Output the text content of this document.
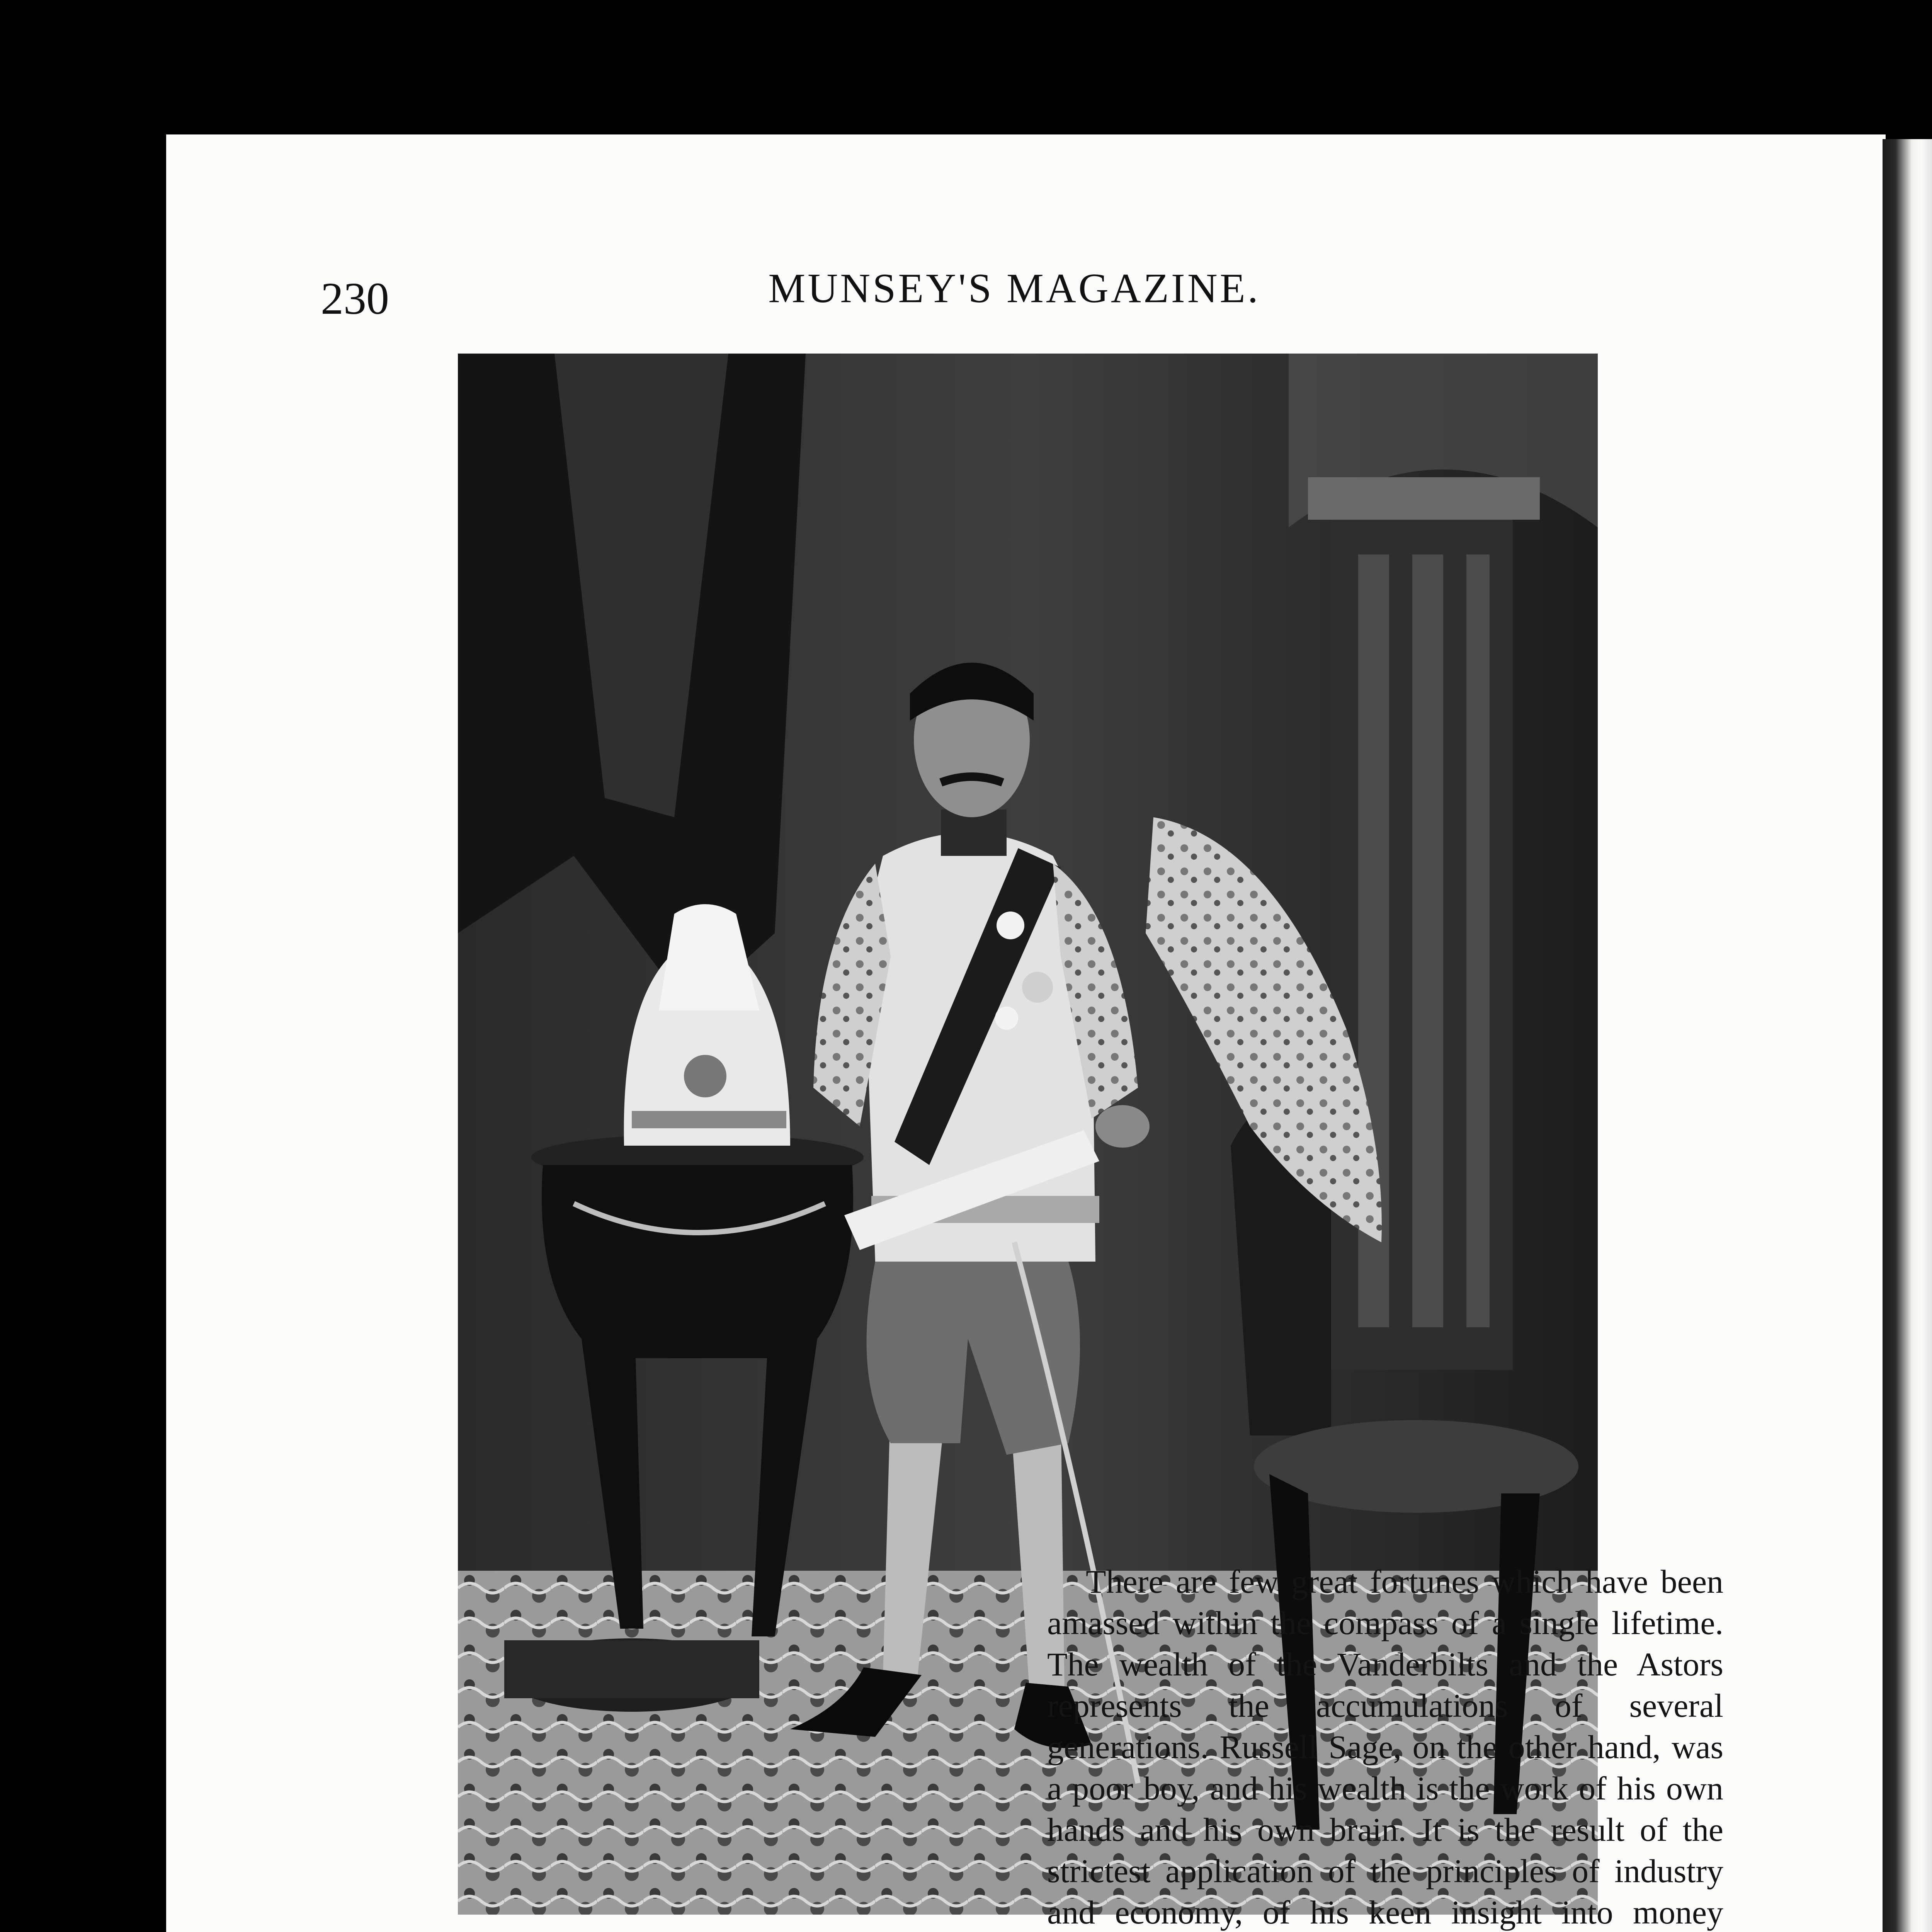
230	MUNSEY'S MAGAZINE.

There are few great fortunes which have been amassed within the compass of a single lifetime. The wealth of the Vanderbilts and the Astors represents the accumulations of several generations. Russell Sage, on the other hand, was a poor boy, and his wealth is the work of his own hands and his own brain. It is the result of the strictest application of the principles of industry and economy, of his keen insight into money
